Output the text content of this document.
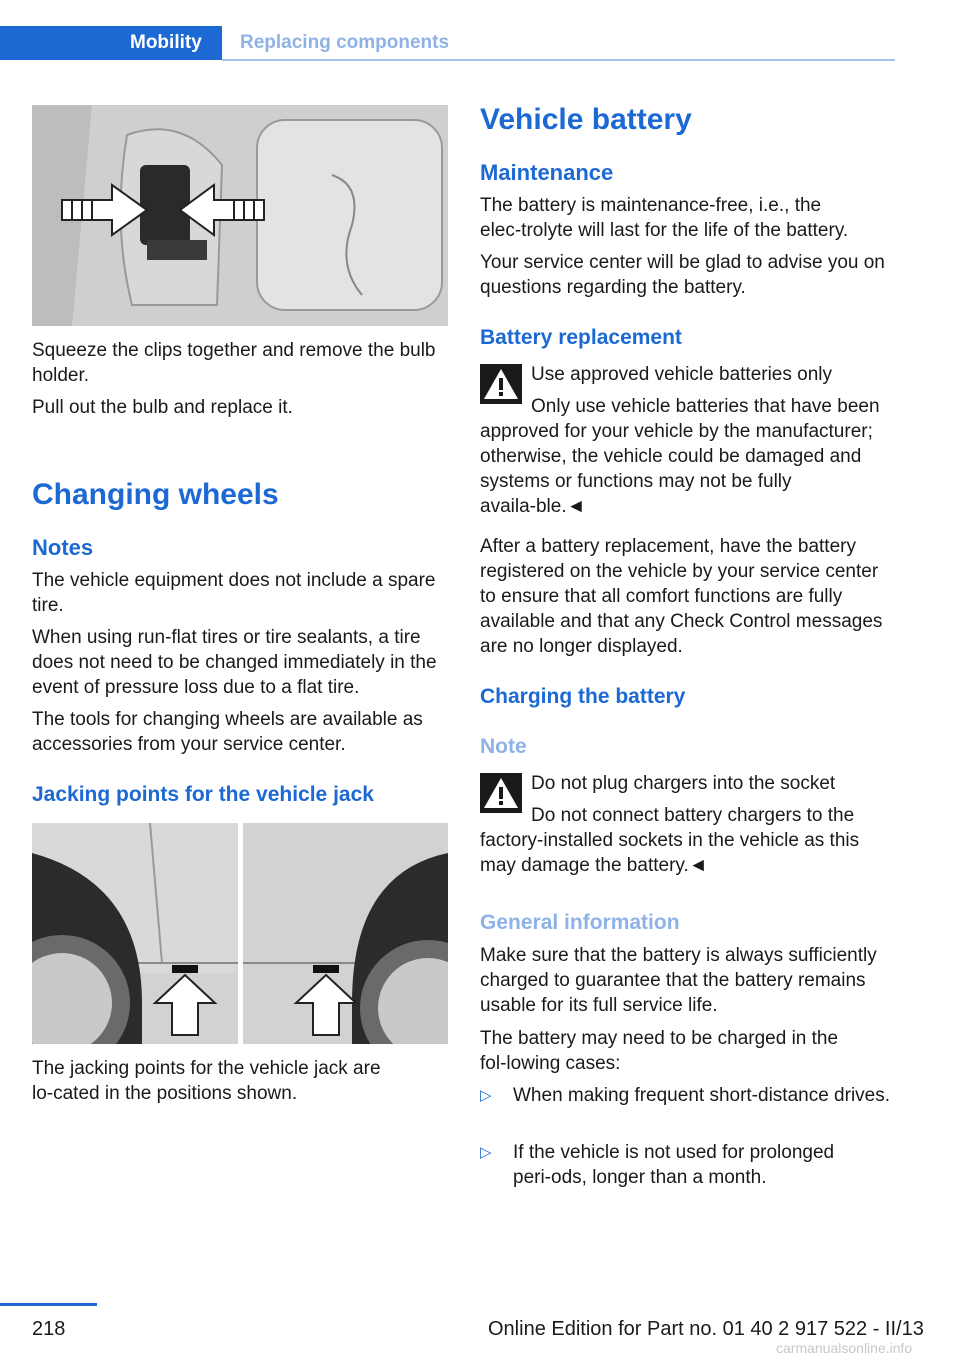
Mobility	Replacing components

Squeeze the clips together and remove the bulb holder.

Pull out the bulb and replace it.

Changing wheels
Notes

The vehicle equipment does not include a spare tire.

When using run‑flat tires or tire sealants, a tire does not need to be changed immediately in the event of pressure loss due to a flat tire.

The tools for changing wheels are available as accessories from your service center.

Jacking points for the vehicle jack

The jacking points for the vehicle jack are lo‑cated in the positions shown.

Vehicle battery
Maintenance

The battery is maintenance‑free, i.e., the elec‑trolyte will last for the life of the battery.

Your service center will be glad to advise you on questions regarding the battery.

Battery replacement

Use approved vehicle batteries only

Only use vehicle batteries that have been approved for your vehicle by the manufacturer; otherwise, the vehicle could be damaged and systems or functions may not be fully availa‑ble.◄

After a battery replacement, have the battery registered on the vehicle by your service center to ensure that all comfort functions are fully available and that any Check Control messages are no longer displayed.

Charging the battery
Note

Do not plug chargers into the socket

Do not connect battery chargers to the factory‑installed sockets in the vehicle as this may damage the battery.◄

General information

Make sure that the battery is always sufficiently charged to guarantee that the battery remains usable for its full service life.

The battery may need to be charged in the fol‑lowing cases:

▷ When making frequent short‑distance drives.

▷ If the vehicle is not used for prolonged peri‑ods, longer than a month.

218	Online Edition for Part no. 01 40 2 917 522 - II/13
carmanualsonline.info
